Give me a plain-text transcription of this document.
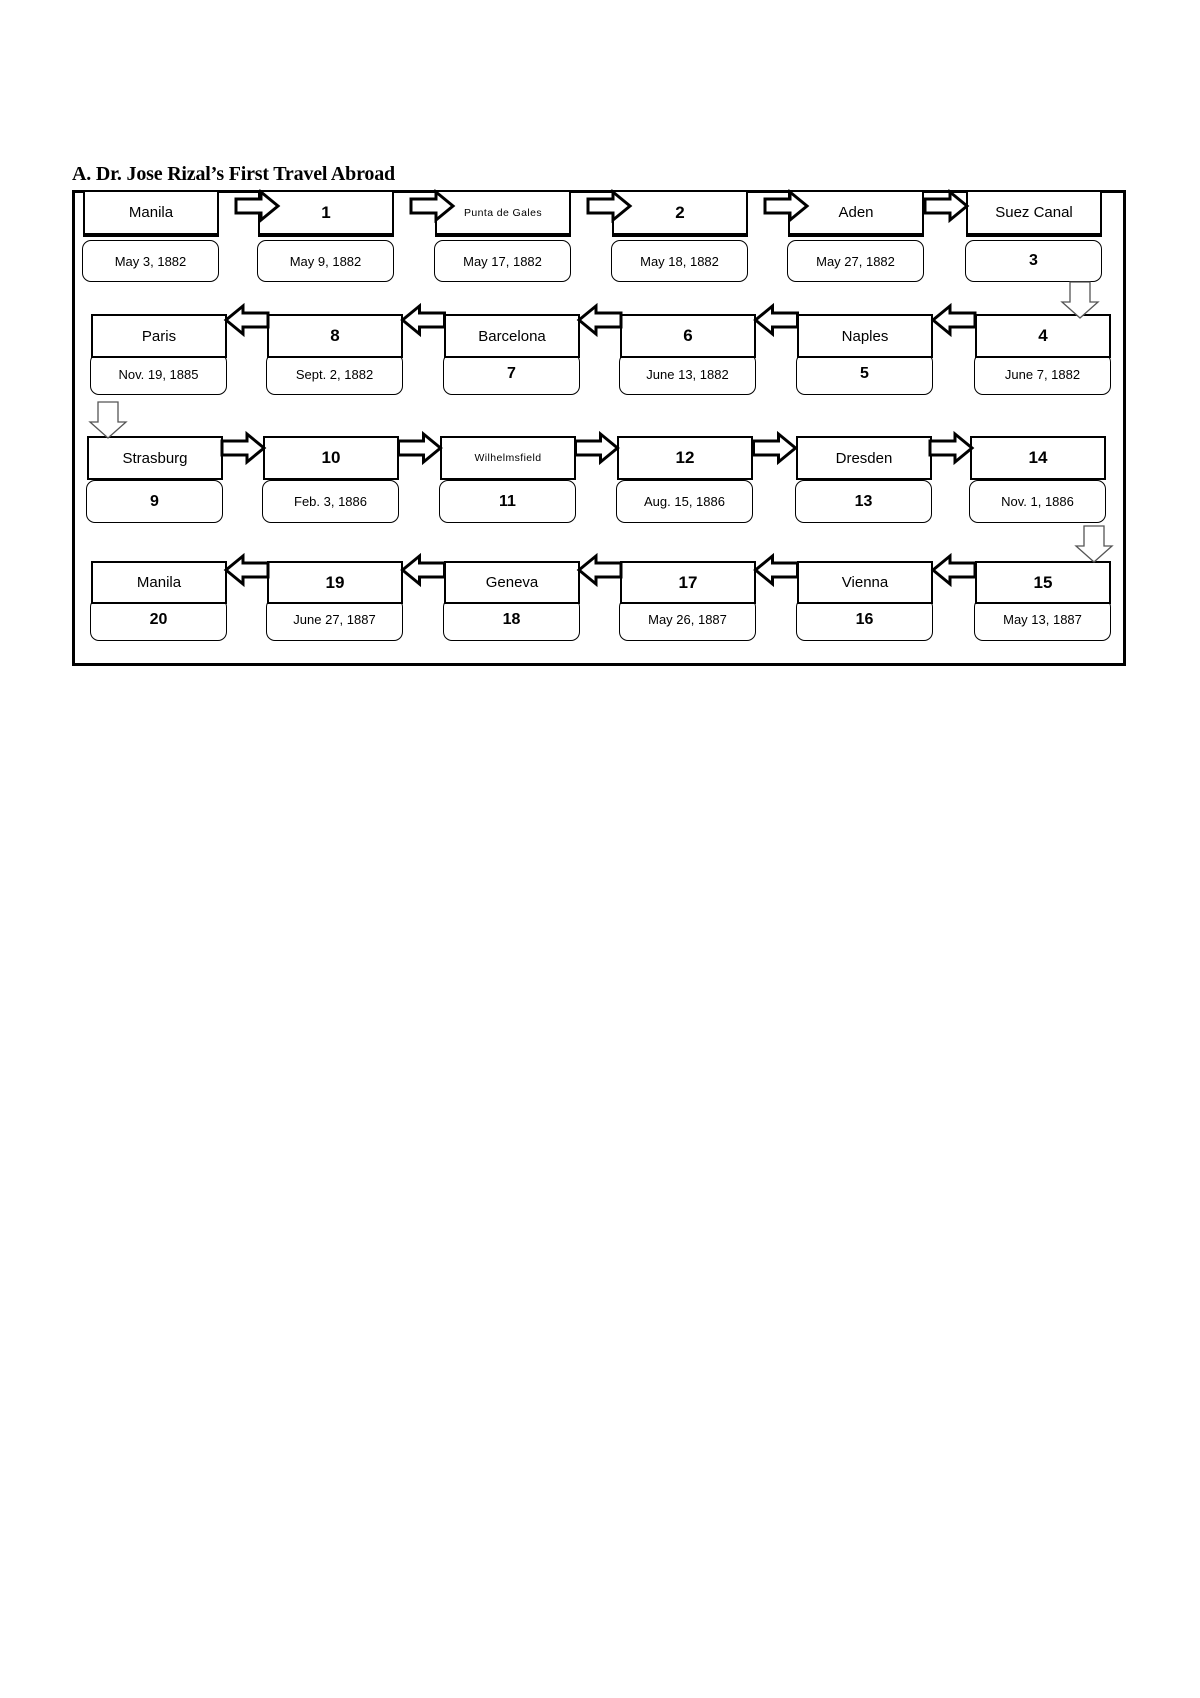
A. Dr. Jose Rizal’s First Travel Abroad
Manila
May 3, 1882
1
May 9, 1882
Punta de Gales
May 17, 1882
2
May 18, 1882
Aden
May 27, 1882
Suez Canal
3
Paris
Nov. 19, 1885
8
Sept. 2, 1882
Barcelona
7
6
June 13, 1882
Naples
5
4
June 7, 1882
Strasburg
9
10
Feb. 3, 1886
Wilhelmsfield
11
12
Aug. 15, 1886
Dresden
13
14
Nov. 1, 1886
Manila
20
19
June 27, 1887
Geneva
18
17
May 26, 1887
Vienna
16
15
May 13, 1887
